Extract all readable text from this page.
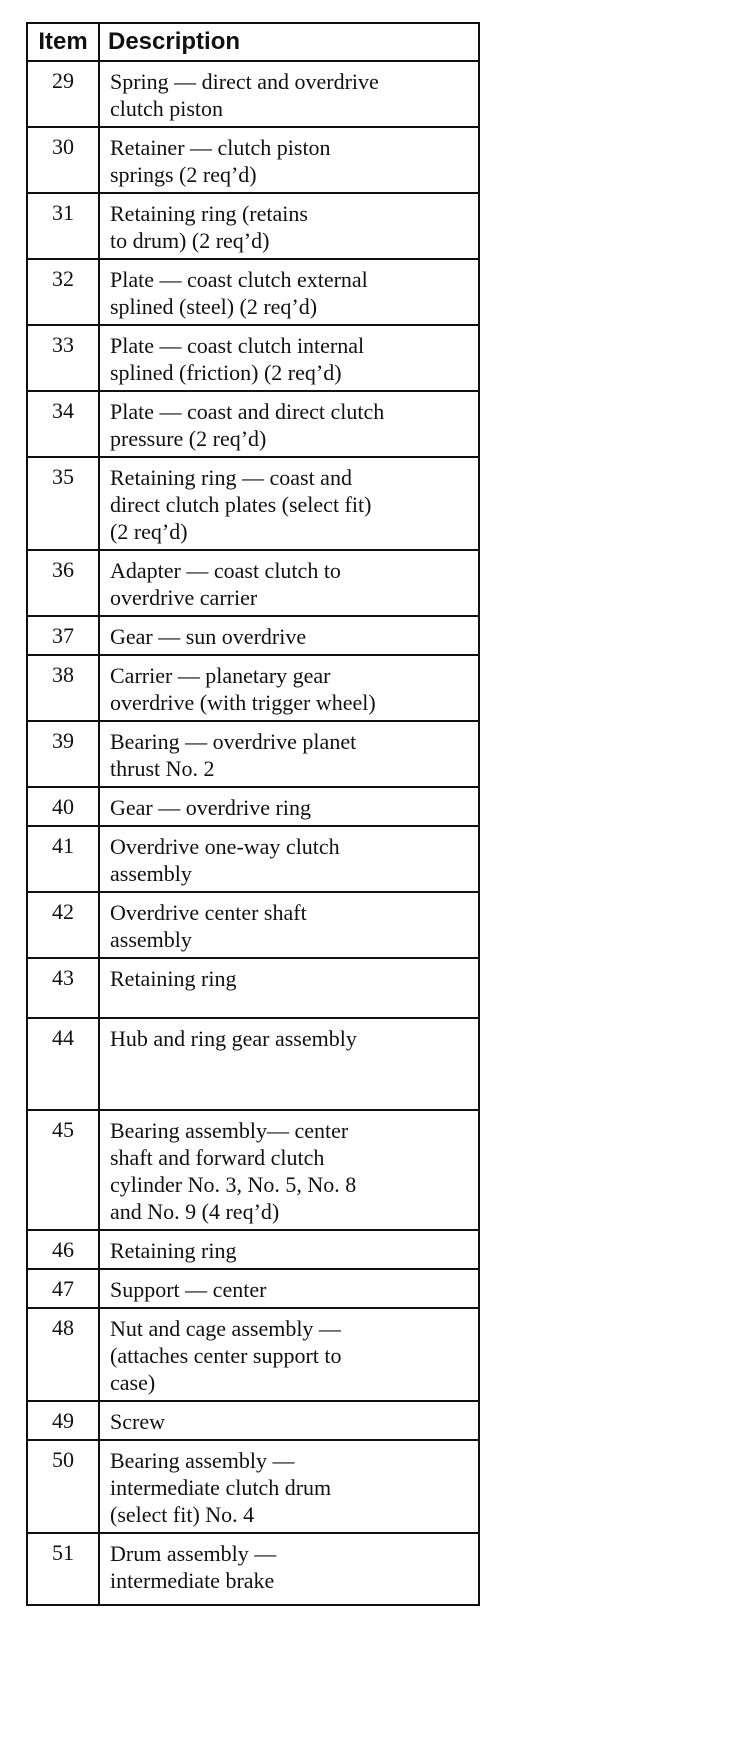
Item	Description
29	Spring — direct and overdrive
clutch piston
30	Retainer — clutch piston
springs (2 req’d)
31	Retaining ring (retains
to drum) (2 req’d)
32	Plate — coast clutch external
splined (steel) (2 req’d)
33	Plate — coast clutch internal
splined (friction) (2 req’d)
34	Plate — coast and direct clutch
pressure (2 req’d)
35	Retaining ring — coast and
direct clutch plates (select fit)
(2 req’d)
36	Adapter — coast clutch to
overdrive carrier
37	Gear — sun overdrive
38	Carrier — planetary gear
overdrive (with trigger wheel)
39	Bearing — overdrive planet
thrust No. 2
40	Gear — overdrive ring
41	Overdrive one-way clutch
assembly
42	Overdrive center shaft
assembly
43	Retaining ring
44	Hub and ring gear assembly
45	Bearing assembly— center
shaft and forward clutch
cylinder No. 3, No. 5, No. 8
and No. 9 (4 req’d)
46	Retaining ring
47	Support — center
48	Nut and cage assembly —
(attaches center support to
case)
49	Screw
50	Bearing assembly —
intermediate clutch drum
(select fit) No. 4
51	Drum assembly —
intermediate brake
